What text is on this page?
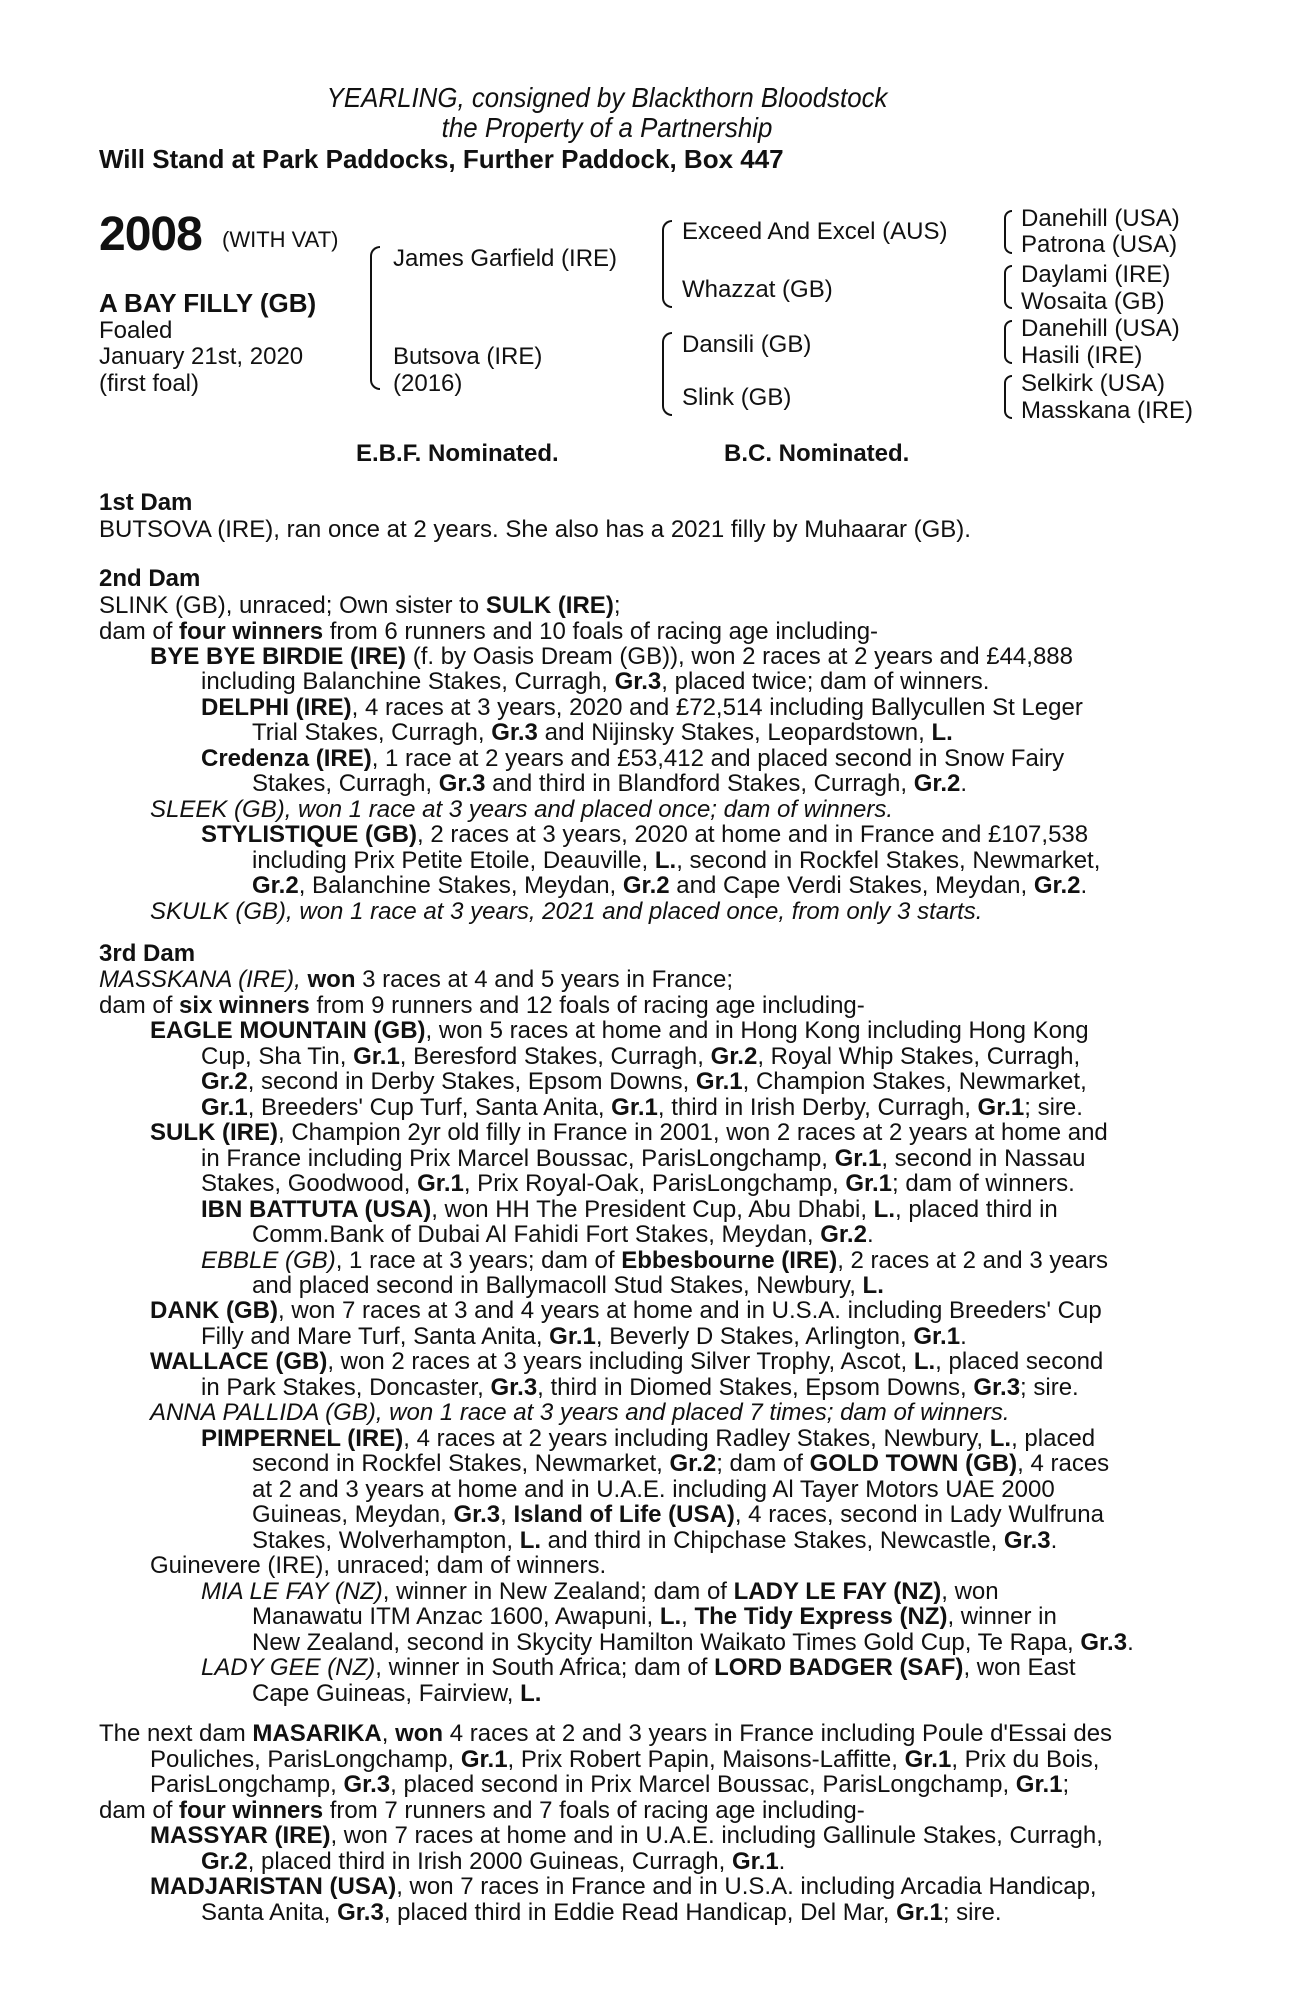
YEARLING, consigned by Blackthorn Bloodstock
the Property of a Partnership
Will Stand at Park Paddocks, Further Paddock, Box 447
2008 (WITH VAT)
A BAY FILLY (GB)
Foaled
January 21st, 2020
(first foal)
James Garfield (IRE)
Butsova (IRE)
(2016)
Exceed And Excel (AUS)
Whazzat (GB)
Dansili (GB)
Slink (GB)
Danehill (USA)
Patrona (USA)
Daylami (IRE)
Wosaita (GB)
Danehill (USA)
Hasili (IRE)
Selkirk (USA)
Masskana (IRE)
E.B.F. Nominated.	B.C. Nominated.
1st Dam
BUTSOVA (IRE), ran once at 2 years. She also has a 2021 filly by Muhaarar (GB).
2nd Dam
SLINK (GB), unraced; Own sister to SULK (IRE);
dam of four winners from 6 runners and 10 foals of racing age including-
BYE BYE BIRDIE (IRE) (f. by Oasis Dream (GB)), won 2 races at 2 years and £44,888
including Balanchine Stakes, Curragh, Gr.3, placed twice; dam of winners.
DELPHI (IRE), 4 races at 3 years, 2020 and £72,514 including Ballycullen St Leger
Trial Stakes, Curragh, Gr.3 and Nijinsky Stakes, Leopardstown, L.
Credenza (IRE), 1 race at 2 years and £53,412 and placed second in Snow Fairy
Stakes, Curragh, Gr.3 and third in Blandford Stakes, Curragh, Gr.2.
SLEEK (GB), won 1 race at 3 years and placed once; dam of winners.
STYLISTIQUE (GB), 2 races at 3 years, 2020 at home and in France and £107,538
including Prix Petite Etoile, Deauville, L., second in Rockfel Stakes, Newmarket,
Gr.2, Balanchine Stakes, Meydan, Gr.2 and Cape Verdi Stakes, Meydan, Gr.2.
SKULK (GB), won 1 race at 3 years, 2021 and placed once, from only 3 starts.
3rd Dam
MASSKANA (IRE), won 3 races at 4 and 5 years in France;
dam of six winners from 9 runners and 12 foals of racing age including-
EAGLE MOUNTAIN (GB), won 5 races at home and in Hong Kong including Hong Kong
Cup, Sha Tin, Gr.1, Beresford Stakes, Curragh, Gr.2, Royal Whip Stakes, Curragh,
Gr.2, second in Derby Stakes, Epsom Downs, Gr.1, Champion Stakes, Newmarket,
Gr.1, Breeders' Cup Turf, Santa Anita, Gr.1, third in Irish Derby, Curragh, Gr.1; sire.
SULK (IRE), Champion 2yr old filly in France in 2001, won 2 races at 2 years at home and
in France including Prix Marcel Boussac, ParisLongchamp, Gr.1, second in Nassau
Stakes, Goodwood, Gr.1, Prix Royal-Oak, ParisLongchamp, Gr.1; dam of winners.
IBN BATTUTA (USA), won HH The President Cup, Abu Dhabi, L., placed third in
Comm.Bank of Dubai Al Fahidi Fort Stakes, Meydan, Gr.2.
EBBLE (GB), 1 race at 3 years; dam of Ebbesbourne (IRE), 2 races at 2 and 3 years
and placed second in Ballymacoll Stud Stakes, Newbury, L.
DANK (GB), won 7 races at 3 and 4 years at home and in U.S.A. including Breeders' Cup
Filly and Mare Turf, Santa Anita, Gr.1, Beverly D Stakes, Arlington, Gr.1.
WALLACE (GB), won 2 races at 3 years including Silver Trophy, Ascot, L., placed second
in Park Stakes, Doncaster, Gr.3, third in Diomed Stakes, Epsom Downs, Gr.3; sire.
ANNA PALLIDA (GB), won 1 race at 3 years and placed 7 times; dam of winners.
PIMPERNEL (IRE), 4 races at 2 years including Radley Stakes, Newbury, L., placed
second in Rockfel Stakes, Newmarket, Gr.2; dam of GOLD TOWN (GB), 4 races
at 2 and 3 years at home and in U.A.E. including Al Tayer Motors UAE 2000
Guineas, Meydan, Gr.3, Island of Life (USA), 4 races, second in Lady Wulfruna
Stakes, Wolverhampton, L. and third in Chipchase Stakes, Newcastle, Gr.3.
Guinevere (IRE), unraced; dam of winners.
MIA LE FAY (NZ), winner in New Zealand; dam of LADY LE FAY (NZ), won
Manawatu ITM Anzac 1600, Awapuni, L., The Tidy Express (NZ), winner in
New Zealand, second in Skycity Hamilton Waikato Times Gold Cup, Te Rapa, Gr.3.
LADY GEE (NZ), winner in South Africa; dam of LORD BADGER (SAF), won East
Cape Guineas, Fairview, L.
The next dam MASARIKA, won 4 races at 2 and 3 years in France including Poule d'Essai des
Pouliches, ParisLongchamp, Gr.1, Prix Robert Papin, Maisons-Laffitte, Gr.1, Prix du Bois,
ParisLongchamp, Gr.3, placed second in Prix Marcel Boussac, ParisLongchamp, Gr.1;
dam of four winners from 7 runners and 7 foals of racing age including-
MASSYAR (IRE), won 7 races at home and in U.A.E. including Gallinule Stakes, Curragh,
Gr.2, placed third in Irish 2000 Guineas, Curragh, Gr.1.
MADJARISTAN (USA), won 7 races in France and in U.S.A. including Arcadia Handicap,
Santa Anita, Gr.3, placed third in Eddie Read Handicap, Del Mar, Gr.1; sire.
